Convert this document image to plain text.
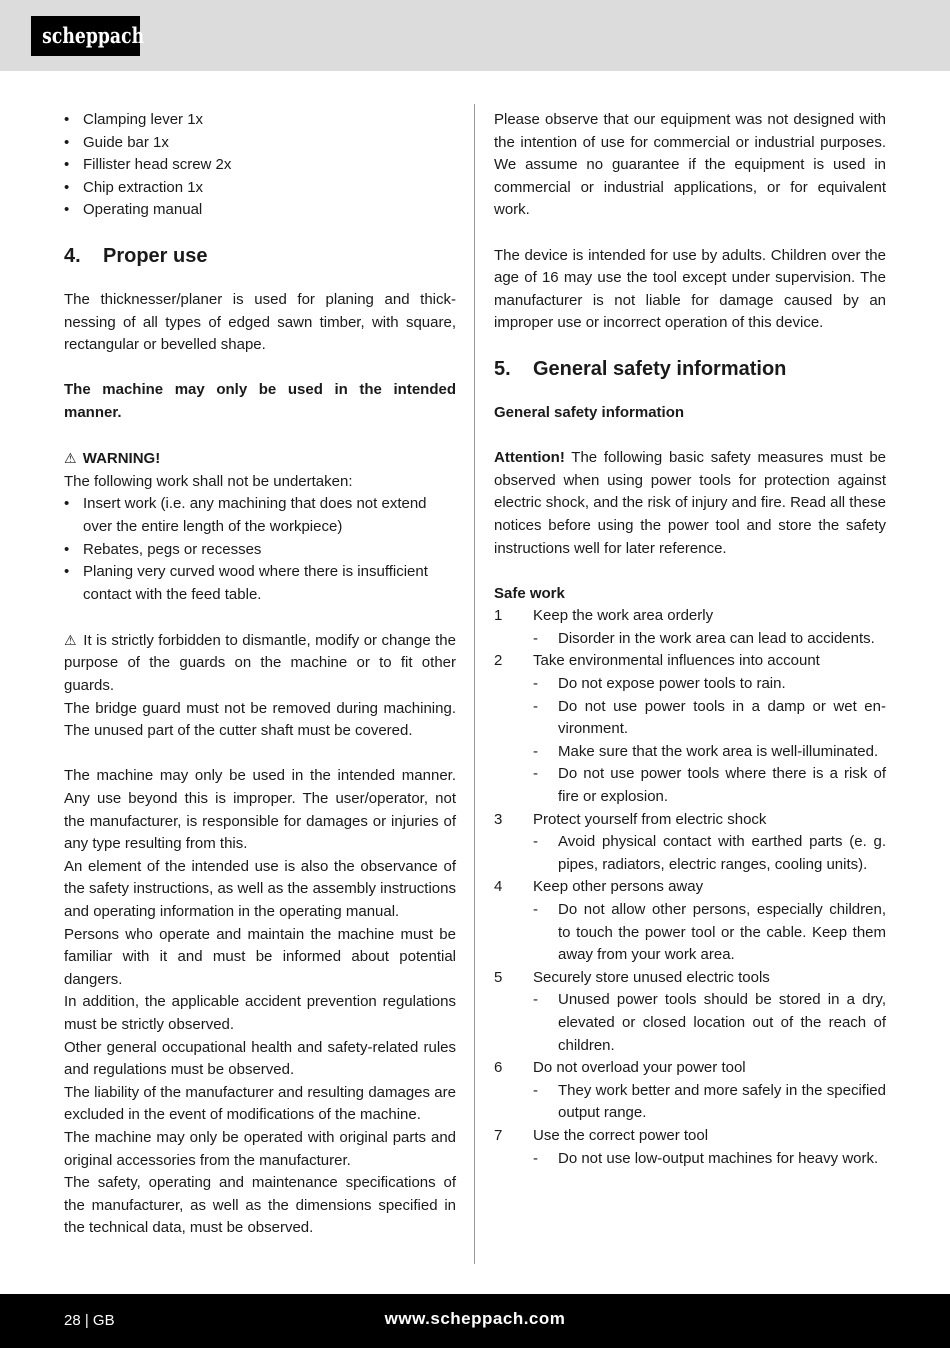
scheppach
• Clamping lever 1x
• Guide bar 1x
• Fillister head screw 2x
• Chip extraction 1x
• Operating manual
4.	Proper use

The thicknesser/planer is used for planing and thicknessing of all types of edged sawn timber, with square, rectangular or bevelled shape.

The machine may only be used in the intended manner.

⚠ WARNING!

The following work shall not be undertaken:

• Insert work (i.e. any machining that does not extend over the entire length of the workpiece)
• Rebates, pegs or recesses
• Planing very curved wood where there is insufficient contact with the feed table.

⚠ It is strictly forbidden to dismantle, modify or change the purpose of the guards on the machine or to fit other guards.

The bridge guard must not be removed during machining. The unused part of the cutter shaft must be covered.

The machine may only be used in the intended manner. Any use beyond this is improper. The user/operator, not the manufacturer, is responsible for damages or injuries of any type resulting from this.

An element of the intended use is also the observance of the safety instructions, as well as the assembly instructions and operating information in the operating manual.

Persons who operate and maintain the machine must be familiar with it and must be informed about potential dangers.

In addition, the applicable accident prevention regulations must be strictly observed.

Other general occupational health and safety-related rules and regulations must be observed.

The liability of the manufacturer and resulting damages are excluded in the event of modifications of the machine.

The machine may only be operated with original parts and original accessories from the manufacturer.

The safety, operating and maintenance specifications of the manufacturer, as well as the dimensions specified in the technical data, must be observed.

Please observe that our equipment was not designed with the intention of use for commercial or industrial purposes. We assume no guarantee if the equipment is used in commercial or industrial applications, or for equivalent work.

The device is intended for use by adults. Children over the age of 16 may use the tool except under supervision. The manufacturer is not liable for damage caused by an improper use or incorrect operation of this device.

5.	General safety information

General safety information

Attention! The following basic safety measures must be observed when using power tools for protection against electric shock, and the risk of injury and fire. Read all these notices before using the power tool and store the safety instructions well for later reference.

Safe work

1	Keep the work area orderly
-	Disorder in the work area can lead to accidents.
2	Take environmental influences into account
-	Do not expose power tools to rain.
-	Do not use power tools in a damp or wet environment.
-	Make sure that the work area is well-illuminated.
-	Do not use power tools where there is a risk of fire or explosion.
3	Protect yourself from electric shock
-	Avoid physical contact with earthed parts (e. g. pipes, radiators, electric ranges, cooling units).
4	Keep other persons away
-	Do not allow other persons, especially children, to touch the power tool or the cable. Keep them away from your work area.
5	Securely store unused electric tools
-	Unused power tools should be stored in a dry, elevated or closed location out of the reach of children.
6	Do not overload your power tool
-	They work better and more safely in the specified output range.
7	Use the correct power tool
-	Do not use low-output machines for heavy work.
28 | GB	www.scheppach.com
